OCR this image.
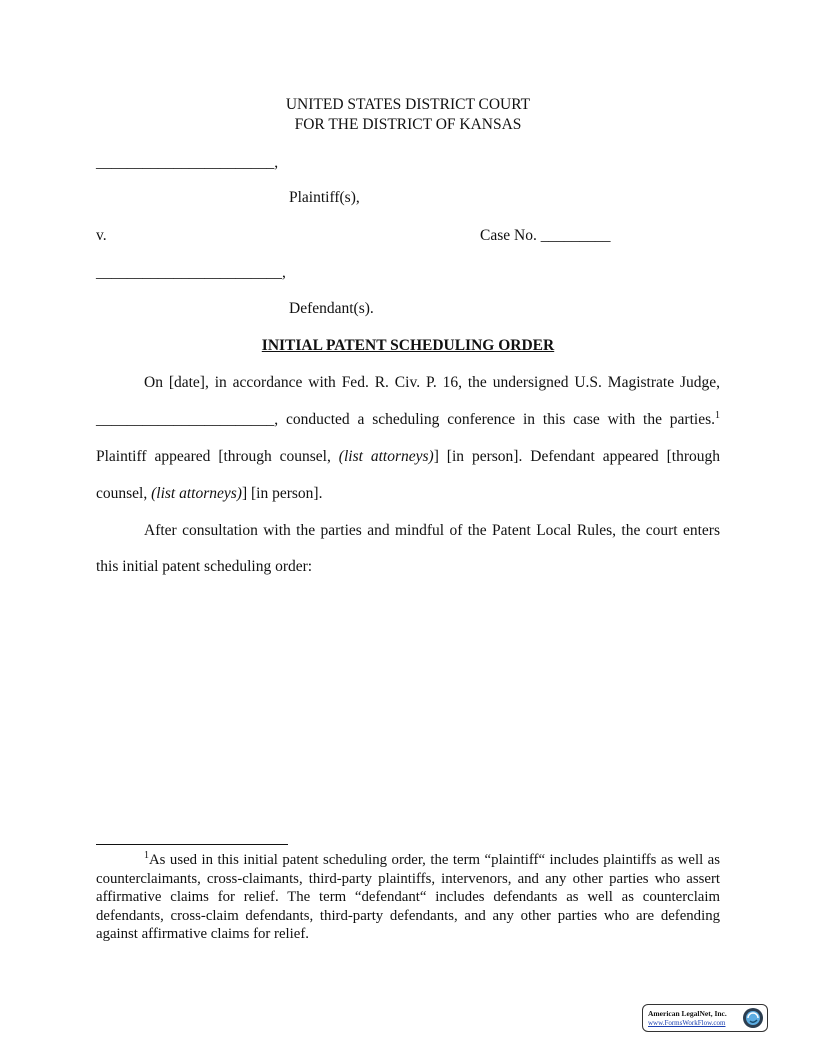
UNITED STATES DISTRICT COURT
FOR THE DISTRICT OF KANSAS
_______________________,
Plaintiff(s),
v.	Case No. _________
________________________,
Defendant(s).
INITIAL PATENT SCHEDULING ORDER
On [date], in accordance with Fed. R. Civ. P. 16, the undersigned U.S. Magistrate Judge,
_______________________, conducted a scheduling conference in this case with the parties.$^1$
Plaintiff appeared [through counsel, (list attorneys)] [in person]. Defendant appeared [through
counsel, (list attorneys)] [in person].
After consultation with the parties and mindful of the Patent Local Rules, the court enters
this initial patent scheduling order:
$^1$As used in this initial patent scheduling order, the term “plaintiff“ includes plaintiffs as well as counterclaimants, cross-claimants, third-party plaintiffs, intervenors, and any other parties who assert affirmative claims for relief. The term “defendant“ includes defendants as well as counterclaim defendants, cross-claim defendants, third-party defendants, and any other parties who are defending against affirmative claims for relief.
American LegalNet, Inc.
www.FormsWorkFlow.com
